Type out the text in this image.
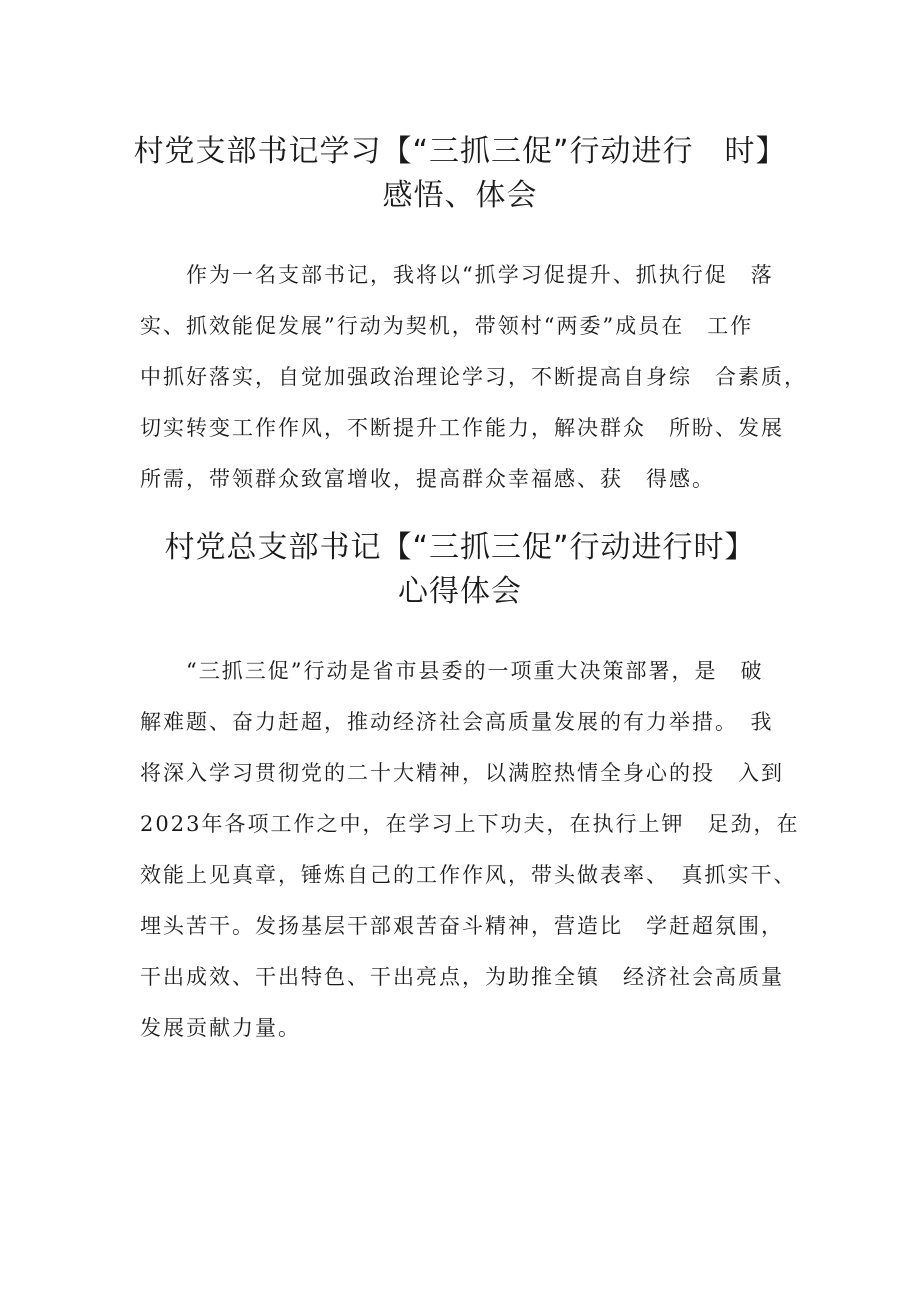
村党支部书记学习【“三抓三促”行动进行　时】
感悟、体会

作为一名支部书记，我将以“抓学习促提升、抓执行促　落
实、抓效能促发展”行动为契机，带领村“两委”成员在　工作
中抓好落实，自觉加强政治理论学习，不断提高自身综　合素质，
切实转变工作作风，不断提升工作能力，解决群众　所盼、发展
所需，带领群众致富增收，提高群众幸福感、获　得感。

村党总支部书记【“三抓三促”行动进行时】
心得体会

“三抓三促”行动是省市县委的一项重大决策部署，是　破
解难题、奋力赶超，推动经济社会高质量发展的有力举措。　我
将深入学习贯彻党的二十大精神，以满腔热情全身心的投　入到
2023年各项工作之中，在学习上下功夫，在执行上钾　足劲，在
效能上见真章，锤炼自己的工作作风，带头做表率、　真抓实干、
埋头苦干。发扬基层干部艰苦奋斗精神，营造比　学赶超氛围，
干出成效、干出特色、干出亮点，为助推全镇　经济社会高质量
发展贡献力量。
